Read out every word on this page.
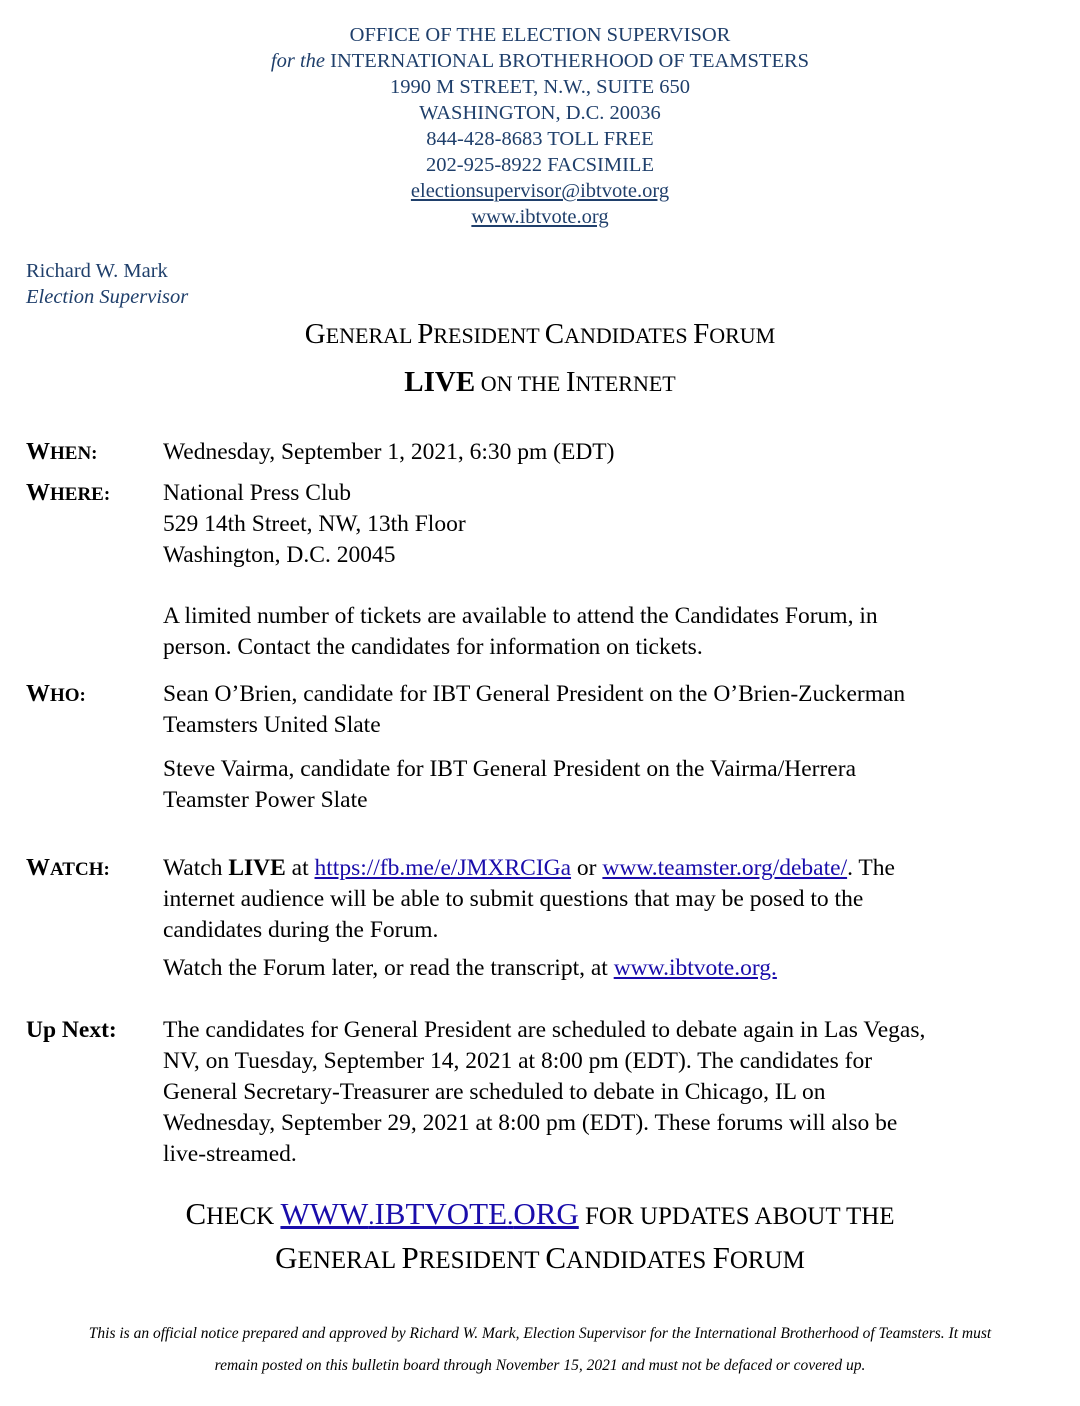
OFFICE OF THE ELECTION SUPERVISOR
for the INTERNATIONAL BROTHERHOOD OF TEAMSTERS
1990 M STREET, N.W., SUITE 650
WASHINGTON, D.C. 20036
844-428-8683 TOLL FREE
202-925-8922 FACSIMILE
electionsupervisor@ibtvote.org
www.ibtvote.org
Richard W. Mark
Election Supervisor
GENERAL PRESIDENT CANDIDATES FORUM
LIVE ON THE INTERNET
WHEN:	Wednesday, September 1, 2021, 6:30 pm (EDT)

WHERE: National Press Club

529 14th Street, NW, 13th Floor

Washington, D.C. 20045

A limited number of tickets are available to attend the Candidates Forum, in
person. Contact the candidates for information on tickets.

WHO:	Sean O’Brien, candidate for IBT General President on the O’Brien-Zuckerman
Teamsters United Slate

Steve Vairma, candidate for IBT General President on the Vairma/Herrera
Teamster Power Slate

WATCH: Watch LIVE at https://fb.me/e/JMXRCIGa or www.teamster.org/debate/. The
internet audience will be able to submit questions that may be posed to the
candidates during the Forum.

Watch the Forum later, or read the transcript, at www.ibtvote.org.

Up Next: The candidates for General President are scheduled to debate again in Las Vegas,
NV, on Tuesday, September 14, 2021 at 8:00 pm (EDT). The candidates for
General Secretary-Treasurer are scheduled to debate in Chicago, IL on
Wednesday, September 29, 2021 at 8:00 pm (EDT). These forums will also be
live-streamed.

CHECK WWW.IBTVOTE.ORG FOR UPDATES ABOUT THE
GENERAL PRESIDENT CANDIDATES FORUM
This is an official notice prepared and approved by Richard W. Mark, Election Supervisor for the International Brotherhood of Teamsters. It must
remain posted on this bulletin board through November 15, 2021 and must not be defaced or covered up.
